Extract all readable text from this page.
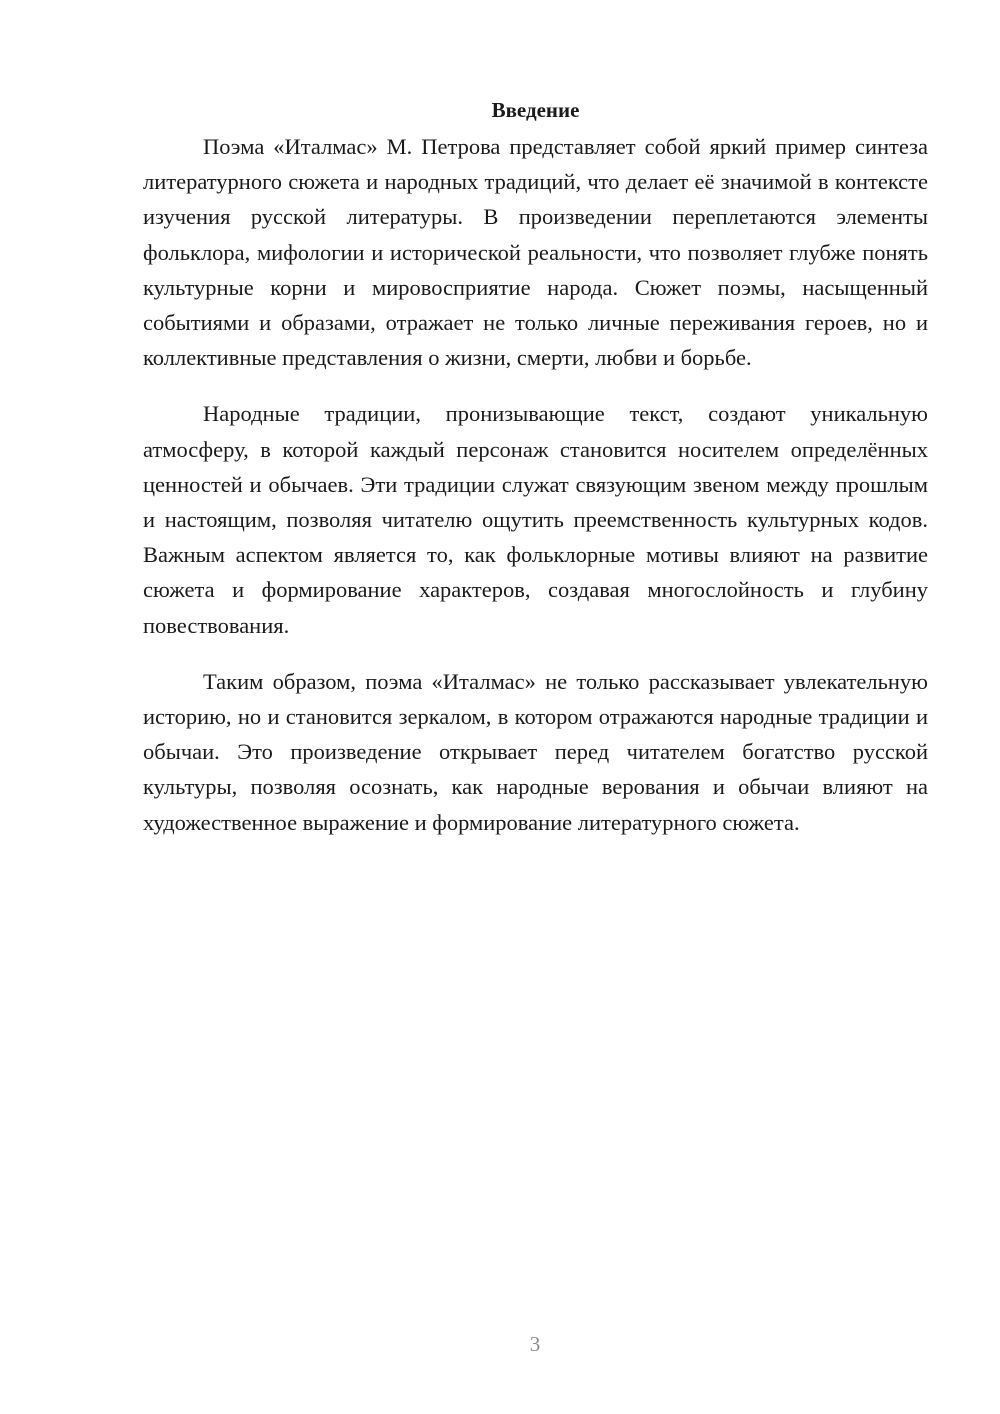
Введение

Поэма «Италмас» М. Петрова представляет собой яркий пример синтеза литературного сюжета и народных традиций, что делает её значимой в контексте изучения русской литературы. В произведении переплетаются элементы фольклора, мифологии и исторической реальности, что позволяет глубже понять культурные корни и мировосприятие народа. Сюжет поэмы, насыщенный событиями и образами, отражает не только личные переживания героев, но и коллективные представления о жизни, смерти, любви и борьбе.

Народные традиции, пронизывающие текст, создают уникальную атмосферу, в которой каждый персонаж становится носителем определённых ценностей и обычаев. Эти традиции служат связующим звеном между прошлым и настоящим, позволяя читателю ощутить преемственность культурных кодов. Важным аспектом является то, как фольклорные мотивы влияют на развитие сюжета и формирование характеров, создавая многослойность и глубину повествования.

Таким образом, поэма «Италмас» не только рассказывает увлекательную историю, но и становится зеркалом, в котором отражаются народные традиции и обычаи. Это произведение открывает перед читателем богатство русской культуры, позволяя осознать, как народные верования и обычаи влияют на художественное выражение и формирование литературного сюжета.

3
